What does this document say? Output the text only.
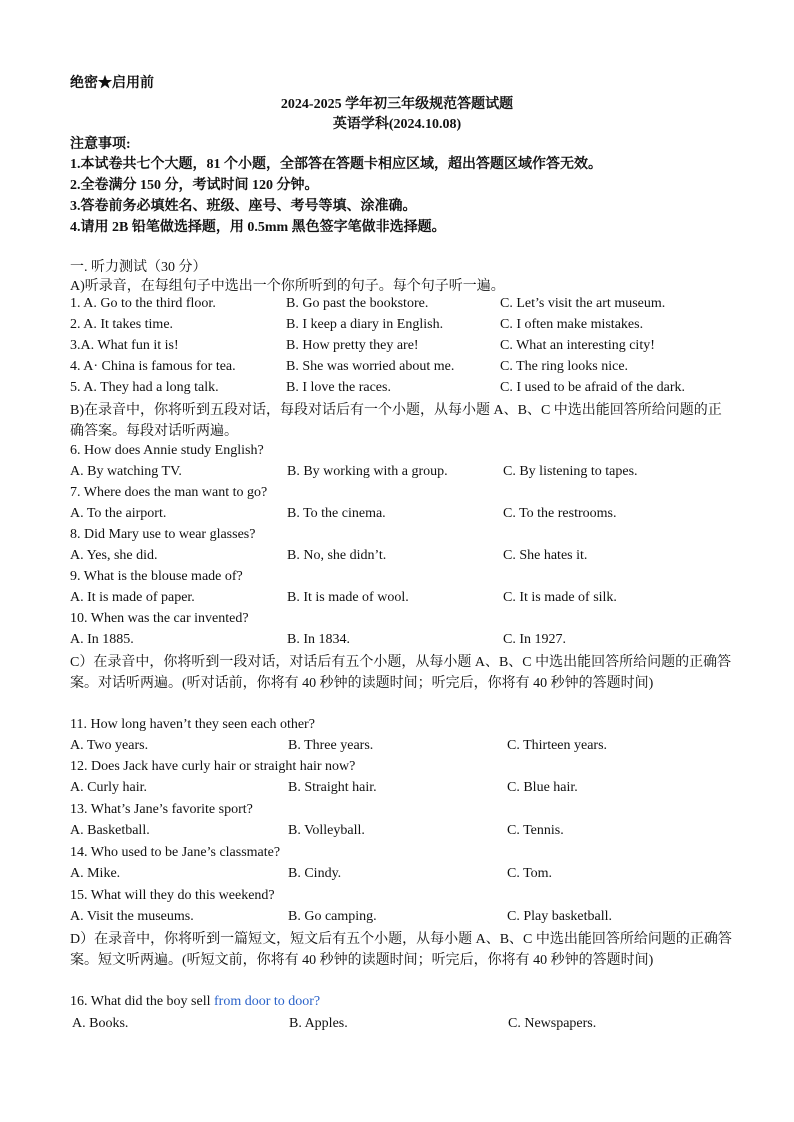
绝密★启用前
2024-2025 学年初三年级规范答题试题
英语学科(2024.10.08)
注意事项:
1.本试卷共七个大题，81 个小题，全部答在答题卡相应区域，超出答题区域作答无效。
2.全卷满分 150 分，考试时间 120 分钟。
3.答卷前务必填姓名、班级、座号、考号等填、涂准确。
4.请用 2B 铅笔做选择题，用 0.5mm 黑色签字笔做非选择题。
一. 听力测试（30 分）
A)听录音，在每组句子中选出一个你所听到的句子。每个句子听一遍。
1. A. Go to the third floor.	B. Go past the bookstore.	C. Let’s visit the art museum.
2. A. It takes time.	B. I keep a diary in English.	C. I often make mistakes.
3.A. What fun it is!	B. How pretty they are!	C. What an interesting city!
4. A· China is famous for tea.	B. She was worried about me.	C. The ring looks nice.
5. A. They had a long talk.	B. I love the races.	C. I used to be afraid of the dark.
B)在录音中，你将听到五段对话，每段对话后有一个小题，从每小题 A、B、C 中选出能回答所给问题的正确答案。每段对话听两遍。
6. How does Annie study English?
A. By watching TV.	B. By working with a group.	C. By listening to tapes.
7. Where does the man want to go?
A. To the airport.	B. To the cinema.	C. To the restrooms.
8. Did Mary use to wear glasses?
A. Yes, she did.	B. No, she didn’t.	C. She hates it.
9. What is the blouse made of?
A. It is made of paper.	B. It is made of wool.	C. It is made of silk.
10. When was the car invented?
A. In 1885.	B. In 1834.	C. In 1927.
C）在录音中，你将听到一段对话，对话后有五个小题，从每小题 A、B、C 中选出能回答所给问题的正确答案。对话听两遍。(听对话前，你将有 40 秒钟的读题时间；听完后，你将有 40 秒钟的答题时间)
11. How long haven’t they seen each other?
A. Two years.	B. Three years.	C. Thirteen years.
12. Does Jack have curly hair or straight hair now?
A. Curly hair.	B. Straight hair.	C. Blue hair.
13. What’s Jane’s favorite sport?
A. Basketball.	B. Volleyball.	C. Tennis.
14. Who used to be Jane’s classmate?
A. Mike.	B. Cindy.	C. Tom.
15. What will they do this weekend?
A. Visit the museums.	B. Go camping.	C. Play basketball.
D）在录音中，你将听到一篇短文，短文后有五个小题，从每小题 A、B、C 中选出能回答所给问题的正确答案。短文听两遍。(听短文前，你将有 40 秒钟的读题时间；听完后，你将有 40 秒钟的答题时间)
16. What did the boy sell from door to door?
A. Books.	B. Apples.	C. Newspapers.
